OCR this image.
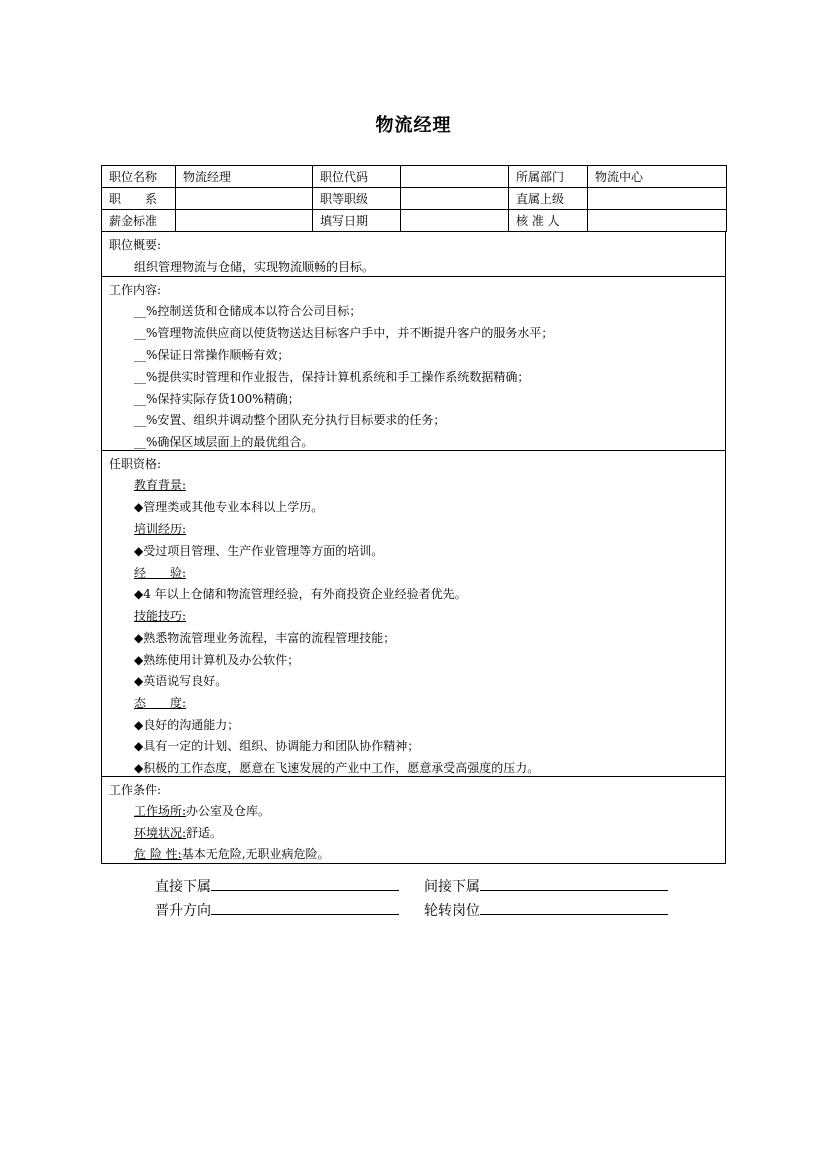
物流经理
职位名称	物流经理	职位代码		所属部门	物流中心
职　　系		职等职级		直属上级	
薪金标准		填写日期		核 准 人	
职位概要:
组织管理物流与仓储，实现物流顺畅的目标。
工作内容:
__%控制送货和仓储成本以符合公司目标；
__%管理物流供应商以使货物送达目标客户手中，并不断提升客户的服务水平；
__%保证日常操作顺畅有效；
__%提供实时管理和作业报告，保持计算机系统和手工操作系统数据精确；
__%保持实际存货100%精确；
__%安置、组织并调动整个团队充分执行目标要求的任务；
__%确保区域层面上的最优组合。
任职资格:
教育背景:
◆管理类或其他专业本科以上学历。
培训经历:
◆受过项目管理、生产作业管理等方面的培训。
经　　验:
◆4 年以上仓储和物流管理经验，有外商投资企业经验者优先。
技能技巧:
◆熟悉物流管理业务流程，丰富的流程管理技能；
◆熟练使用计算机及办公软件；
◆英语说写良好。
态　　度:
◆良好的沟通能力；
◆具有一定的计划、组织、协调能力和团队协作精神；
◆积极的工作态度，愿意在飞速发展的产业中工作，愿意承受高强度的压力。
工作条件:
工作场所:办公室及仓库。
环境状况:舒适。
危 险 性:基本无危险,无职业病危险。
直接下属	间接下属
晋升方向	轮转岗位
